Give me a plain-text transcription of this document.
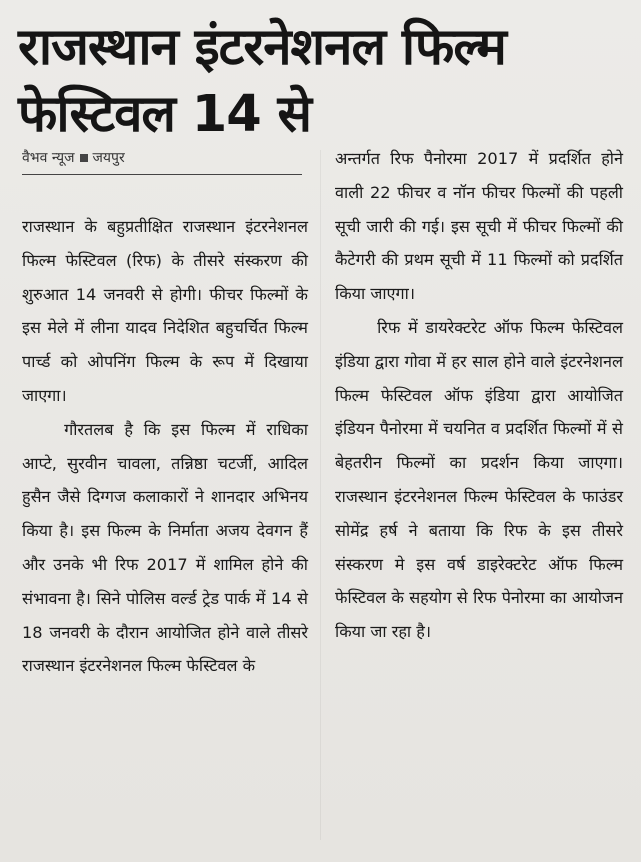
राजस्थान इंटरनेशनल फिल्म
फेस्टिवल 14 से
वैभव न्यूज जयपुर

राजस्थान के बहुप्रतीक्षित राजस्थान इंटरनेशनल फिल्म फेस्टिवल (रिफ) के तीसरे संस्करण की शुरुआत 14 जनवरी से होगी। फीचर फिल्मों के इस मेले में लीना यादव निदेशित बहुचर्चित फिल्म पार्च्ड को ओपनिंग फिल्म के रूप में दिखाया जाएगा।

गौरतलब है कि इस फिल्म में राधिका आप्टे, सुरवीन चावला, तन्निष्ठा चटर्जी, आदिल हुसैन जैसे दिग्गज कलाकारों ने शानदार अभिनय किया है। इस फिल्म के निर्माता अजय देवगन हैं और उनके भी रिफ 2017 में शामिल होने की संभावना है। सिने पोलिस वर्ल्ड ट्रेड पार्क में 14 से 18 जनवरी के दौरान आयोजित होने वाले तीसरे राजस्थान इंटरनेशनल फिल्म फेस्टिवल के

अन्तर्गत रिफ पैनोरमा 2017 में प्रदर्शित होने वाली 22 फीचर व नॉन फीचर फिल्मों की पहली सूची जारी की गई। इस सूची में फीचर फिल्मों की कैटेगरी की प्रथम सूची में 11 फिल्मों को प्रदर्शित किया जाएगा।

रिफ में डायरेक्टरेट ऑफ फिल्म फेस्टिवल इंडिया द्वारा गोवा में हर साल होने वाले इंटरनेशनल फिल्म फेस्टिवल ऑफ इंडिया द्वारा आयोजित इंडियन पैनोरमा में चयनित व प्रदर्शित फिल्मों में से बेहतरीन फिल्मों का प्रदर्शन किया जाएगा। राजस्थान इंटरनेशनल फिल्म फेस्टिवल के फाउंडर सोमेंद्र हर्ष ने बताया कि रिफ के इस तीसरे संस्करण मे इस वर्ष डाइरेक्टरेट ऑफ फिल्म फेस्टिवल के सहयोग से रिफ पेनोरमा का आयोजन किया जा रहा है।
